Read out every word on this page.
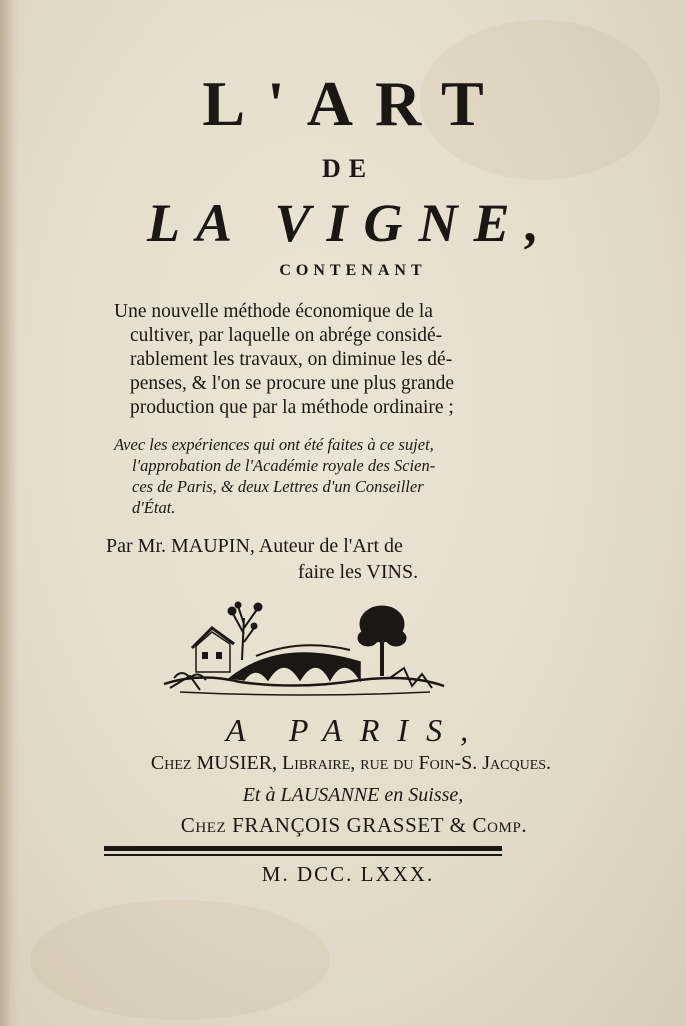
L'ART
DE
LA VIGNE,
CONTENANT
Une nouvelle méthode économique de la
cultiver, par laquelle on abrége considé-
rablement les travaux, on diminue les dé-
penses, & l'on se procure une plus grande
production que par la méthode ordinaire ;
Avec les expériences qui ont été faites à ce sujet,
l'approbation de l'Académie royale des Scien-
ces de Paris, & deux Lettres d'un Conseiller
d'État.
Par Mr. MAUPIN, Auteur de l'Art de
faire les VINS.
A PARIS,
Chez MUSIER, Libraire, rue du Foin-S. Jacques.
Et à LAUSANNE en Suisse,
Chez FRANÇOIS GRASSET & Comp.
M. DCC. LXXX.
